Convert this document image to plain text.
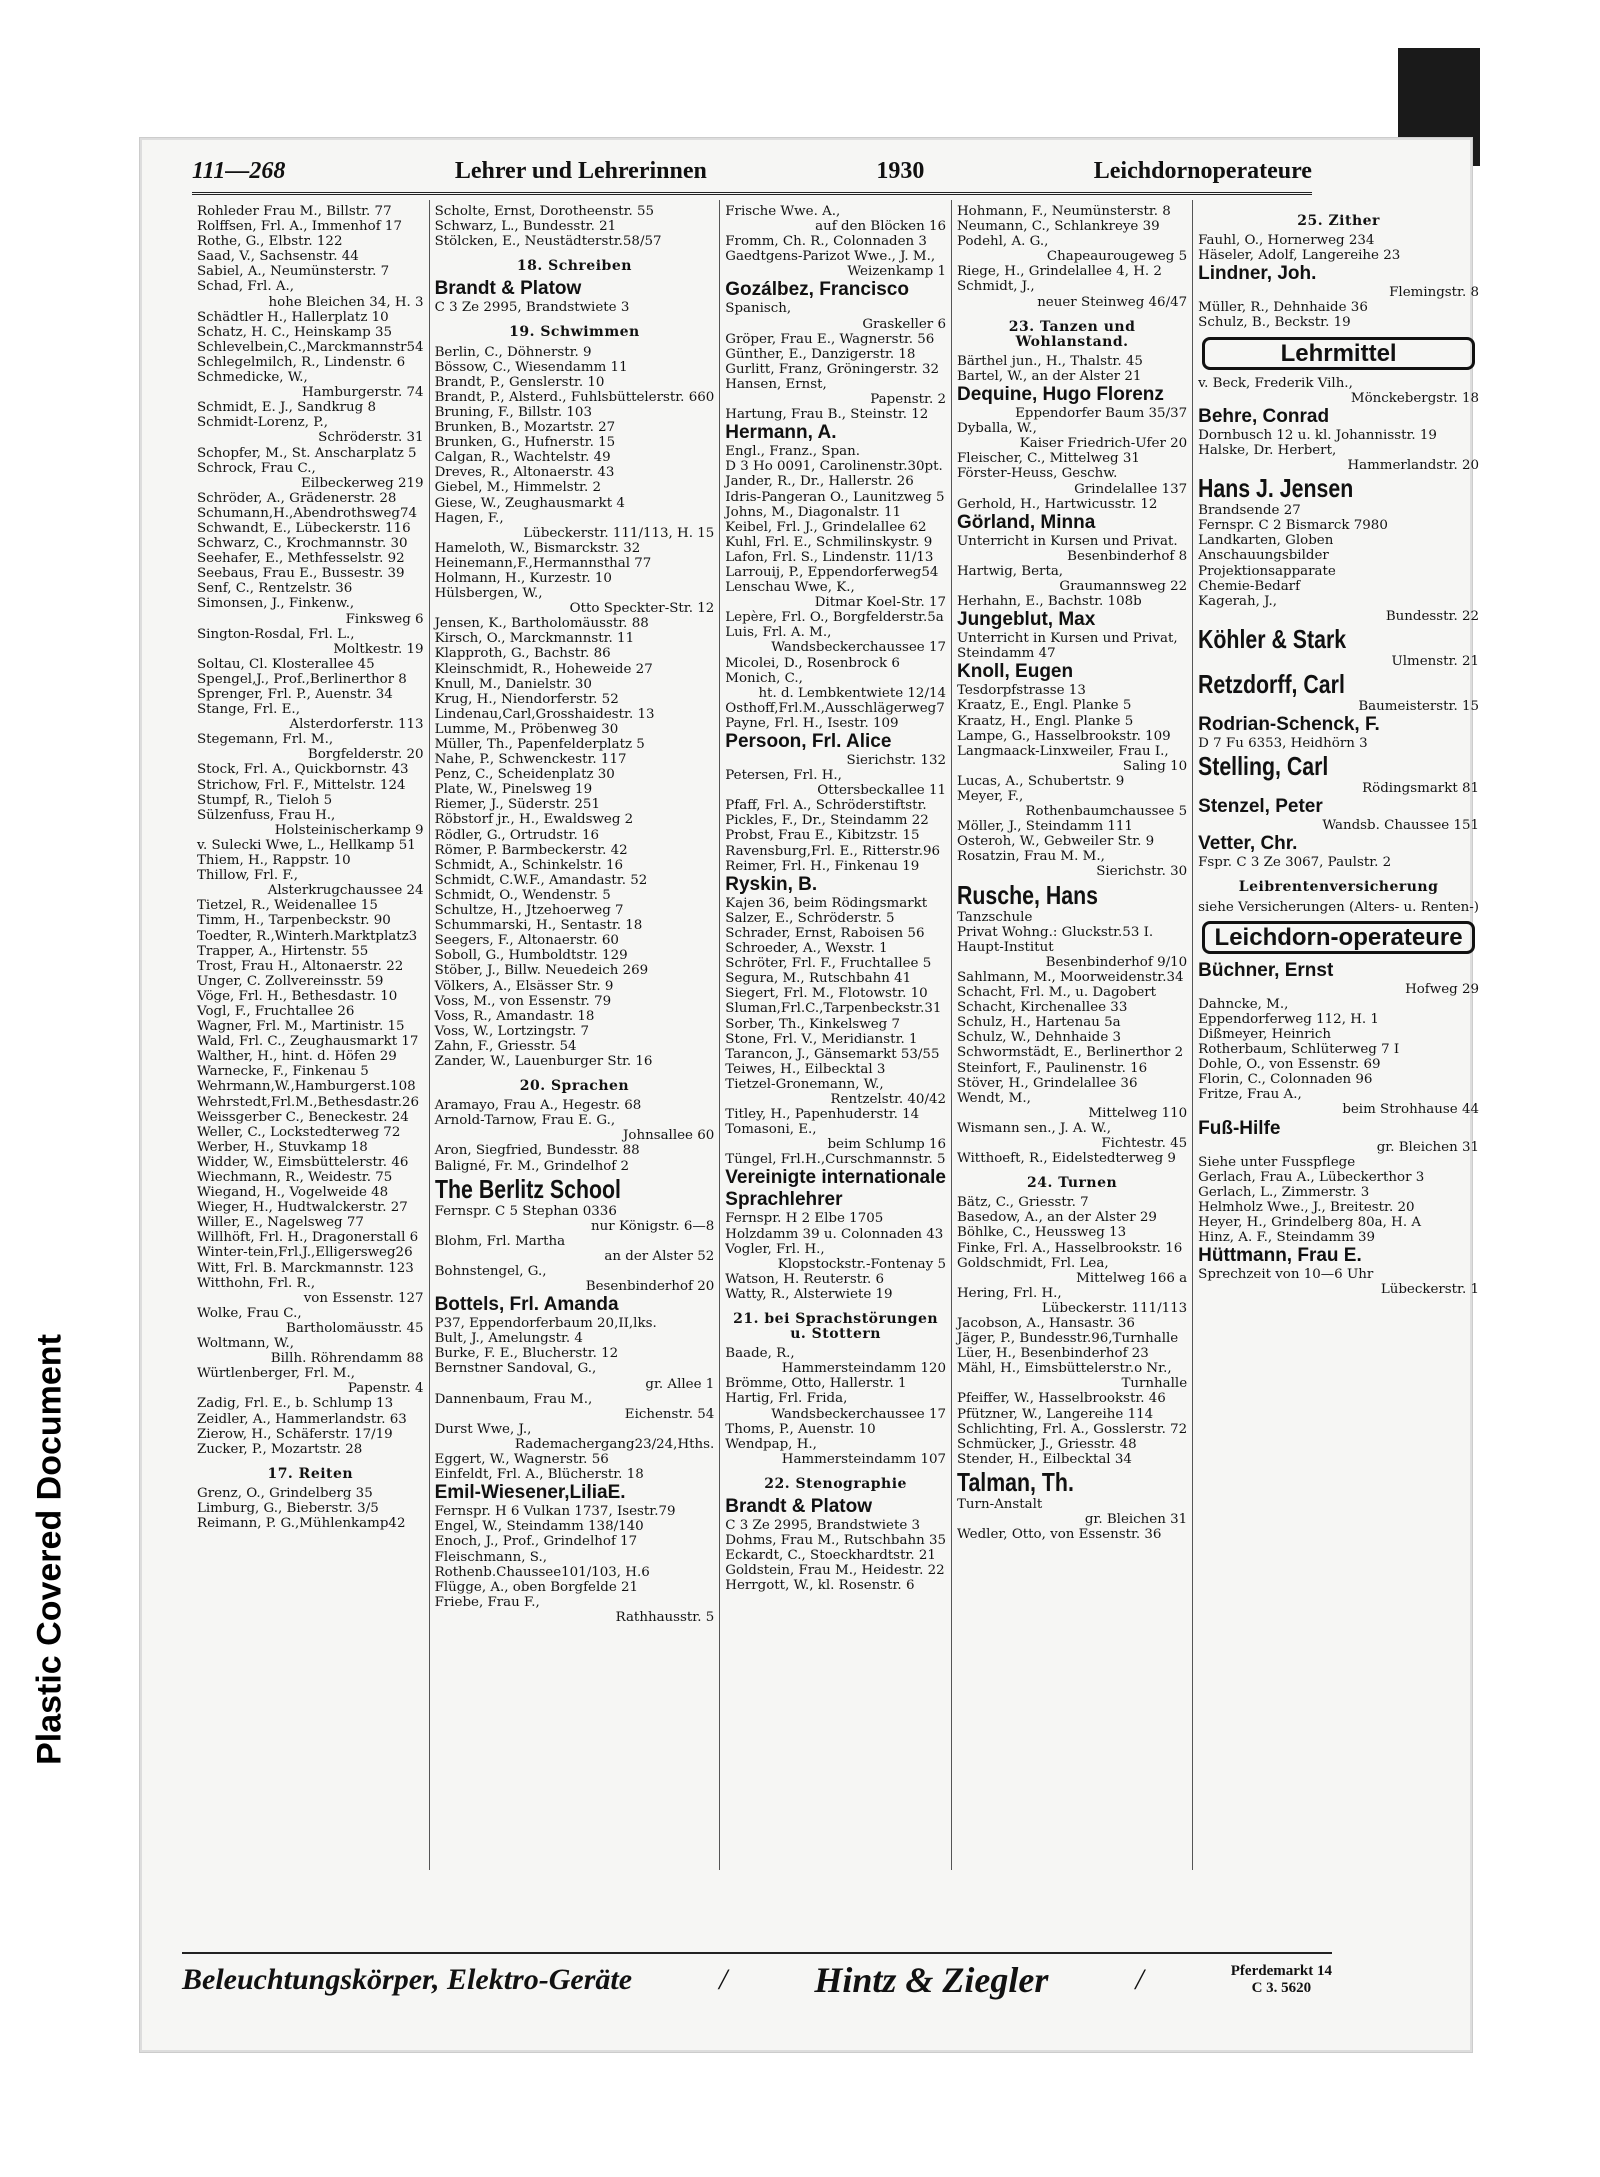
Plastic Covered Document
111—268	Lehrer und Lehrerinnen	1930	Leichdornoperateure
Rohleder Frau M., Billstr. 77
Rolffsen, Frl. A., Immenhof 17
Rothe, G., Elbstr. 122
Saad, V., Sachsenstr. 44
Sabiel, A., Neumünsterstr. 7
Schad, Frl. A.,
hohe Bleichen 34, H. 3
Schädtler H., Hallerplatz 10
Schatz, H. C., Heinskamp 35
Schlevelbein,C.,Marckmannstr54
Schlegelmilch, R., Lindenstr. 6
Schmedicke, W.,
Hamburgerstr. 74
Schmidt, E. J., Sandkrug 8
Schmidt-Lorenz, P.,
Schröderstr. 31
Schopfer, M., St. Anscharplatz 5
Schrock, Frau C.,
Eilbeckerweg 219
Schröder, A., Grädenerstr. 28
Schumann,H.,Abendrothsweg74
Schwandt, E., Lübeckerstr. 116
Schwarz, C., Krochmannstr. 30
Seehafer, E., Methfesselstr. 92
Seebaus, Frau E., Bussestr. 39
Senf, C., Rentzelstr. 36
Simonsen, J., Finkenw.,
Finksweg 6
Sington-Rosdal, Frl. L.,
Moltkestr. 19
Soltau, Cl. Klosterallee 45
Spengel,J., Prof.,Berlinerthor 8
Sprenger, Frl. P., Auenstr. 34
Stange, Frl. E.,
Alsterdorferstr. 113
Stegemann, Frl. M.,
Borgfelderstr. 20
Stock, Frl. A., Quickbornstr. 43
Strichow, Frl. F., Mittelstr. 124
Stumpf, R., Tieloh 5
Sülzenfuss, Frau H.,
Holsteinischerkamp 9
v. Sulecki Wwe, L., Hellkamp 51
Thiem, H., Rappstr. 10
Thillow, Frl. F.,
Alsterkrugchaussee 24
Tietzel, R., Weidenallee 15
Timm, H., Tarpenbeckstr. 90
Toedter, R.,Winterh.Marktplatz3
Trapper, A., Hirtenstr. 55
Trost, Frau H., Altonaerstr. 22
Unger, C. Zollvereinsstr. 59
Vöge, Frl. H., Bethesdastr. 10
Vogl, F., Fruchtallee 26
Wagner, Frl. M., Martinistr. 15
Wald, Frl. C., Zeughausmarkt 17
Walther, H., hint. d. Höfen 29
Warnecke, F., Finkenau 5
Wehrmann,W.,Hamburgerst.108
Wehrstedt,Frl.M.,Bethesdastr.26
Weissgerber C., Beneckestr. 24
Weller, C., Lockstedterweg 72
Werber, H., Stuvkamp 18
Widder, W., Eimsbüttelerstr. 46
Wiechmann, R., Weidestr. 75
Wiegand, H., Vogelweide 48
Wieger, H., Hudtwalckerstr. 27
Willer, E., Nagelsweg 77
Willhöft, Frl. H., Dragonerstall 6
Winter-tein,Frl.J.,Elligersweg26
Witt, Frl. B. Marckmannstr. 123
Witthohn, Frl. R.,
von Essenstr. 127
Wolke, Frau C.,
Bartholomäusstr. 45
Woltmann, W.,
Billh. Röhrendamm 88
Würtlenberger, Frl. M.,
Papenstr. 4
Zadig, Frl. E., b. Schlump 13
Zeidler, A., Hammerlandstr. 63
Zierow, H., Schäferstr. 17/19
Zucker, P., Mozartstr. 28
17. Reiten
Grenz, O., Grindelberg 35
Limburg, G., Bieberstr. 3/5
Reimann, P. G.,Mühlenkamp42
Scholte, Ernst, Dorotheenstr. 55
Schwarz, L., Bundesstr. 21
Stölcken, E., Neustädterstr.58/57
18. Schreiben
Brandt & Platow
C 3 Ze 2995, Brandstwiete 3
19. Schwimmen
Berlin, C., Döhnerstr. 9
Bössow, C., Wiesendamm 11
Brandt, P., Genslerstr. 10
Brandt, P., Alsterd., Fuhlsbüttelerstr. 660
Bruning, F., Billstr. 103
Brunken, B., Mozartstr. 27
Brunken, G., Hufnerstr. 15
Calgan, R., Wachtelstr. 49
Dreves, R., Altonaerstr. 43
Giebel, M., Himmelstr. 2
Giese, W., Zeughausmarkt 4
Hagen, F.,
Lübeckerstr. 111/113, H. 15
Hameloth, W., Bismarckstr. 32
Heinemann,F.,Hermannsthal 77
Holmann, H., Kurzestr. 10
Hülsbergen, W.,
Otto Speckter-Str. 12
Jensen, K., Bartholomäusstr. 88
Kirsch, O., Marckmannstr. 11
Klapproth, G., Bachstr. 86
Kleinschmidt, R., Hoheweide 27
Knull, M., Danielstr. 30
Krug, H., Niendorferstr. 52
Lindenau,Carl,Grosshaidestr. 13
Lumme, M., Pröbenweg 30
Müller, Th., Papenfelderplatz 5
Nahe, P., Schwenckestr. 117
Penz, C., Scheidenplatz 30
Plate, W., Pinelsweg 19
Riemer, J., Süderstr. 251
Röbstorf jr., H., Ewaldsweg 2
Rödler, G., Ortrudstr. 16
Römer, P. Barmbeckerstr. 42
Schmidt, A., Schinkelstr. 16
Schmidt, C.W.F., Amandastr. 52
Schmidt, O., Wendenstr. 5
Schultze, H., Jtzehoerweg 7
Schummarski, H., Sentastr. 18
Seegers, F., Altonaerstr. 60
Soboll, G., Humboldtstr. 129
Stöber, J., Billw. Neuedeich 269
Völkers, A., Elsässer Str. 9
Voss, M., von Essenstr. 79
Voss, R., Amandastr. 18
Voss, W., Lortzingstr. 7
Zahn, F., Griesstr. 54
Zander, W., Lauenburger Str. 16
20. Sprachen
Aramayo, Frau A., Hegestr. 68
Arnold-Tarnow, Frau E. G.,
Johnsallee 60
Aron, Siegfried, Bundesstr. 88
Baligné, Fr. M., Grindelhof 2
The Berlitz School
Fernspr. C 5 Stephan 0336
nur Königstr. 6—8
Blohm, Frl. Martha
an der Alster 52
Bohnstengel, G.,
Besenbinderhof 20
Bottels, Frl. Amanda
P37, Eppendorferbaum 20,II,lks.
Bult, J., Amelungstr. 4
Burke, F. E., Blucherstr. 12
Bernstner Sandoval, G.,
gr. Allee 1
Dannenbaum, Frau M.,
Eichenstr. 54
Durst Wwe, J.,
Rademachergang23/24,Hths.
Eggert, W., Wagnerstr. 56
Einfeldt, Frl. A., Blücherstr. 18
Emil-Wiesener,LiliaE.
Fernspr. H 6 Vulkan 1737, Isestr.79
Engel, W., Steindamm 138/140
Enoch, J., Prof., Grindelhof 17
Fleischmann, S.,
Rothenb.Chaussee101/103, H.6
Flügge, A., oben Borgfelde 21
Friebe, Frau F.,
Rathhausstr. 5
Frische Wwe. A.,
auf den Blöcken 16
Fromm, Ch. R., Colonnaden 3
Gaedtgens-Parizot Wwe., J. M.,
Weizenkamp 1
Gozálbez, Francisco
Spanisch,
Graskeller 6
Gröper, Frau E., Wagnerstr. 56
Günther, E., Danzigerstr. 18
Gurlitt, Franz, Gröningerstr. 32
Hansen, Ernst,
Papenstr. 2
Hartung, Frau B., Steinstr. 12
Hermann, A.
Engl., Franz., Span.
D 3 Ho 0091, Carolinenstr.30pt.
Jander, R., Dr., Hallerstr. 26
Idris-Pangeran O., Launitzweg 5
Johns, M., Diagonalstr. 11
Keibel, Frl. J., Grindelallee 62
Kuhl, Frl. E., Schmilinskystr. 9
Lafon, Frl. S., Lindenstr. 11/13
Larrouij, P., Eppendorferweg54
Lenschau Wwe, K.,
Ditmar Koel-Str. 17
Lepère, Frl. O., Borgfelderstr.5a
Luis, Frl. A. M.,
Wandsbeckerchaussee 17
Micolei, D., Rosenbrock 6
Monich, C.,
ht. d. Lembkentwiete 12/14
Osthoff,Frl.M.,Ausschlägerweg7
Payne, Frl. H., Isestr. 109
Persoon, Frl. Alice
Sierichstr. 132
Petersen, Frl. H.,
Ottersbeckallee 11
Pfaff, Frl. A., Schröderstiftstr.
Pickles, F., Dr., Steindamm 22
Probst, Frau E., Kibitzstr. 15
Ravensburg,Frl. E., Ritterstr.96
Reimer, Frl. H., Finkenau 19
Ryskin, B.
Kajen 36, beim Rödingsmarkt
Salzer, E., Schröderstr. 5
Schrader, Ernst, Raboisen 56
Schroeder, A., Wexstr. 1
Schröter, Frl. F., Fruchtallee 5
Segura, M., Rutschbahn 41
Siegert, Frl. M., Flotowstr. 10
Sluman,Frl.C.,Tarpenbeckstr.31
Sorber, Th., Kinkelsweg 7
Stone, Frl. V., Meridianstr. 1
Tarancon, J., Gänsemarkt 53/55
Teiwes, H., Eilbecktal 3
Tietzel-Gronemann, W.,
Rentzelstr. 40/42
Titley, H., Papenhuderstr. 14
Tomasoni, E.,
beim Schlump 16
Tüngel, Frl.H.,Curschmannstr. 5
Vereinigte internationale Sprachlehrer
Fernspr. H 2 Elbe 1705
Holzdamm 39 u. Colonnaden 43
Vogler, Frl. H.,
Klopstockstr.-Fontenay 5
Watson, H. Reuterstr. 6
Watty, R., Alsterwiete 19
21. bei Sprachstörungen u. Stottern
Baade, R.,
Hammersteindamm 120
Brömme, Otto, Hallerstr. 1
Hartig, Frl. Frida,
Wandsbeckerchaussee 17
Thoms, P., Auenstr. 10
Wendpap, H.,
Hammersteindamm 107
22. Stenographie
Brandt & Platow
C 3 Ze 2995, Brandstwiete 3
Dohms, Frau M., Rutschbahn 35
Eckardt, C., Stoeckhardtstr. 21
Goldstein, Frau M., Heidestr. 22
Herrgott, W., kl. Rosenstr. 6
Hohmann, F., Neumünsterstr. 8
Neumann, C., Schlankreye 39
Podehl, A. G.,
Chapeaurougeweg 5
Riege, H., Grindelallee 4, H. 2
Schmidt, J.,
neuer Steinweg 46/47
23. Tanzen und Wohlanstand.
Bärthel jun., H., Thalstr. 45
Bartel, W., an der Alster 21
Dequine, Hugo Florenz
Eppendorfer Baum 35/37
Dyballa, W.,
Kaiser Friedrich-Ufer 20
Fleischer, C., Mittelweg 31
Förster-Heuss, Geschw.
Grindelallee 137
Gerhold, H., Hartwicusstr. 12
Görland, Minna
Unterricht in Kursen und Privat.
Besenbinderhof 8
Hartwig, Berta,
Graumannsweg 22
Herhahn, E., Bachstr. 108b
Jungeblut, Max
Unterricht in Kursen und Privat,
Steindamm 47
Knoll, Eugen
Tesdorpfstrasse 13
Kraatz, E., Engl. Planke 5
Kraatz, H., Engl. Planke 5
Lampe, G., Hasselbrookstr. 109
Langmaack-Linxweiler, Frau I.,
Saling 10
Lucas, A., Schubertstr. 9
Meyer, F.,
Rothenbaumchaussee 5
Möller, J., Steindamm 111
Osteroh, W., Gebweiler Str. 9
Rosatzin, Frau M. M.,
Sierichstr. 30
Rusche, Hans
Tanzschule
Privat Wohng.: Gluckstr.53 I.
Haupt-Institut
Besenbinderhof 9/10
Sahlmann, M., Moorweidenstr.34
Schacht, Frl. M., u. Dagobert
Schacht, Kirchenallee 33
Schulz, H., Hartenau 5a
Schulz, W., Dehnhaide 3
Schwormstädt, E., Berlinerthor 2
Steinfort, F., Paulinenstr. 16
Stöver, H., Grindelallee 36
Wendt, M.,
Mittelweg 110
Wismann sen., J. A. W.,
Fichtestr. 45
Witthoeft, R., Eidelstedterweg 9
24. Turnen
Bätz, C., Griesstr. 7
Basedow, A., an der Alster 29
Böhlke, C., Heussweg 13
Finke, Frl. A., Hasselbrookstr. 16
Goldschmidt, Frl. Lea,
Mittelweg 166 a
Hering, Frl. H.,
Lübeckerstr. 111/113
Jacobson, A., Hansastr. 36
Jäger, P., Bundesstr.96,Turnhalle
Lüer, H., Besenbinderhof 23
Mähl, H., Eimsbüttelerstr.o Nr.,
Turnhalle
Pfeiffer, W., Hasselbrookstr. 46
Pfützner, W., Langereihe 114
Schlichting, Frl. A., Gosslerstr. 72
Schmücker, J., Griesstr. 48
Stender, H., Eilbecktal 34
Talman, Th.
Turn-Anstalt
gr. Bleichen 31
Wedler, Otto, von Essenstr. 36
25. Zither
Fauhl, O., Hornerweg 234
Häseler, Adolf, Langereihe 23
Lindner, Joh.
Flemingstr. 8
Müller, R., Dehnhaide 36
Schulz, B., Beckstr. 19
Lehrmittel
v. Beck, Frederik Vilh.,
Mönckebergstr. 18
Behre, Conrad
Dornbusch 12 u. kl. Johannisstr. 19
Halske, Dr. Herbert,
Hammerlandstr. 20
Hans J. Jensen
Brandsende 27
Fernspr. C 2 Bismarck 7980
Landkarten, Globen
Anschauungsbilder
Projektionsapparate
Chemie-Bedarf
Kagerah, J.,
Bundesstr. 22
Köhler & Stark
Ulmenstr. 21
Retzdorff, Carl
Baumeisterstr. 15
Rodrian-Schenck, F.
D 7 Fu 6353, Heidhörn 3
Stelling, Carl
Rödingsmarkt 81
Stenzel, Peter
Wandsb. Chaussee 151
Vetter, Chr.
Fspr. C 3 Ze 3067, Paulstr. 2
Leibrentenversicherung
siehe Versicherungen (Alters- u. Renten-)
Leichdorn-operateure
Büchner, Ernst
Hofweg 29
Dahncke, M.,
Eppendorferweg 112, H. 1
Dißmeyer, Heinrich
Rotherbaum, Schlüterweg 7 I
Dohle, O., von Essenstr. 69
Florin, C., Colonnaden 96
Fritze, Frau A.,
beim Strohhause 44
Fuß-Hilfe
gr. Bleichen 31
Siehe unter Fusspflege
Gerlach, Frau A., Lübeckerthor 3
Gerlach, L., Zimmerstr. 3
Helmholz Wwe., J., Breitestr. 20
Heyer, H., Grindelberg 80a, H. A
Hinz, A. F., Steindamm 39
Hüttmann, Frau E.
Sprechzeit von 10—6 Uhr
Lübeckerstr. 1
Beleuchtungskörper, Elektro-Geräte	/ Hintz & Ziegler	/	Pferdemarkt 14
C 3. 5620
